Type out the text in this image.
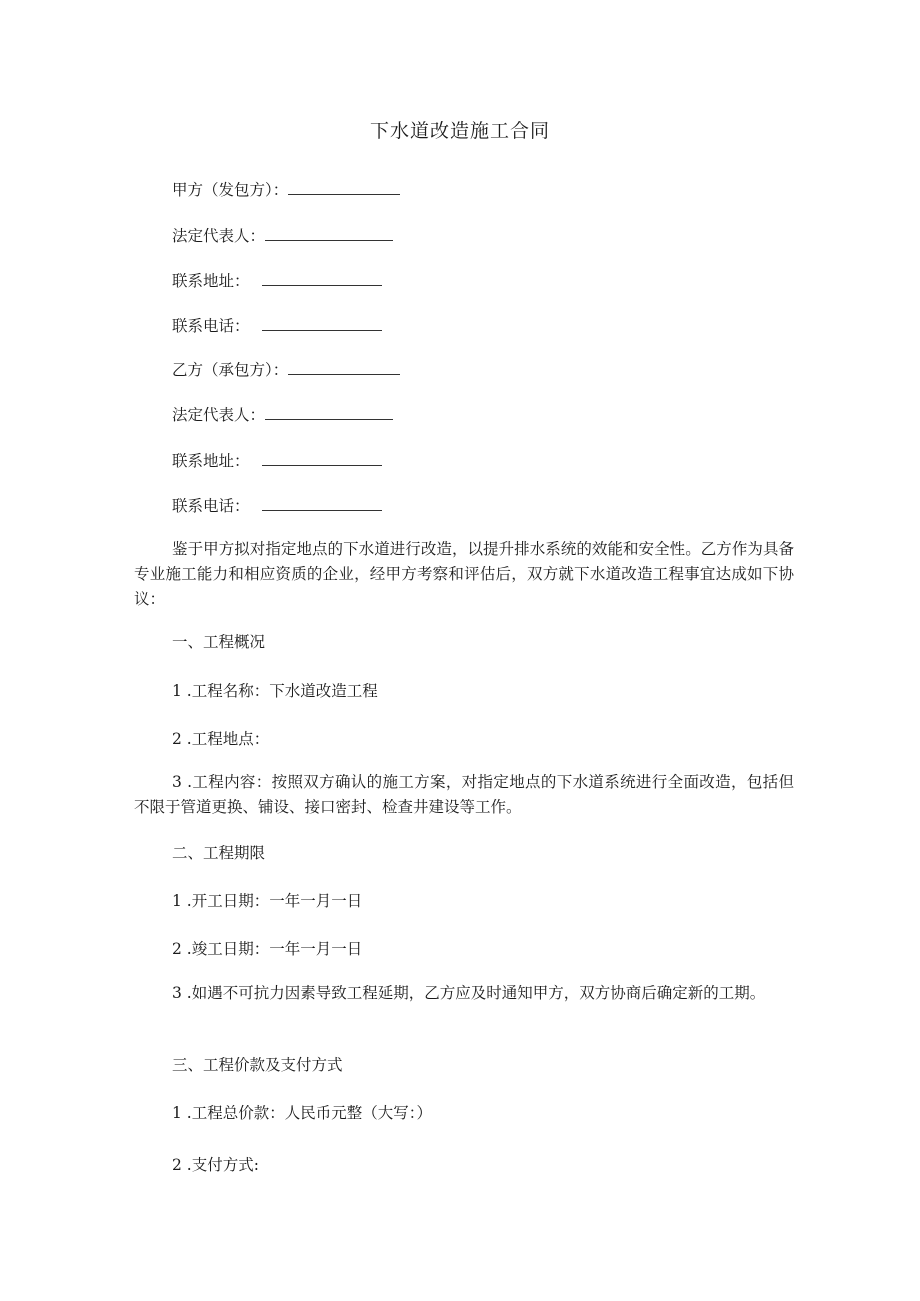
下水道改造施工合同
甲方（发包方）：
法定代表人：
联系地址：
联系电话：
乙方（承包方）：
法定代表人：
联系地址：
联系电话：
鉴于甲方拟对指定地点的下水道进行改造，以提升排水系统的效能和安全性。乙方作为具备专业施工能力和相应资质的企业，经甲方考察和评估后，双方就下水道改造工程事宜达成如下协议：
一、工程概况
1 .工程名称：下水道改造工程
2 .工程地点：
3 .工程内容：按照双方确认的施工方案，对指定地点的下水道系统进行全面改造，包括但不限于管道更换、铺设、接口密封、检查井建设等工作。
二、工程期限
1 .开工日期：一年一月一日
2 .竣工日期：一年一月一日
3 .如遇不可抗力因素导致工程延期，乙方应及时通知甲方，双方协商后确定新的工期。
三、工程价款及支付方式
1 .工程总价款：人民币元整（大写：）
2 .支付方式:
